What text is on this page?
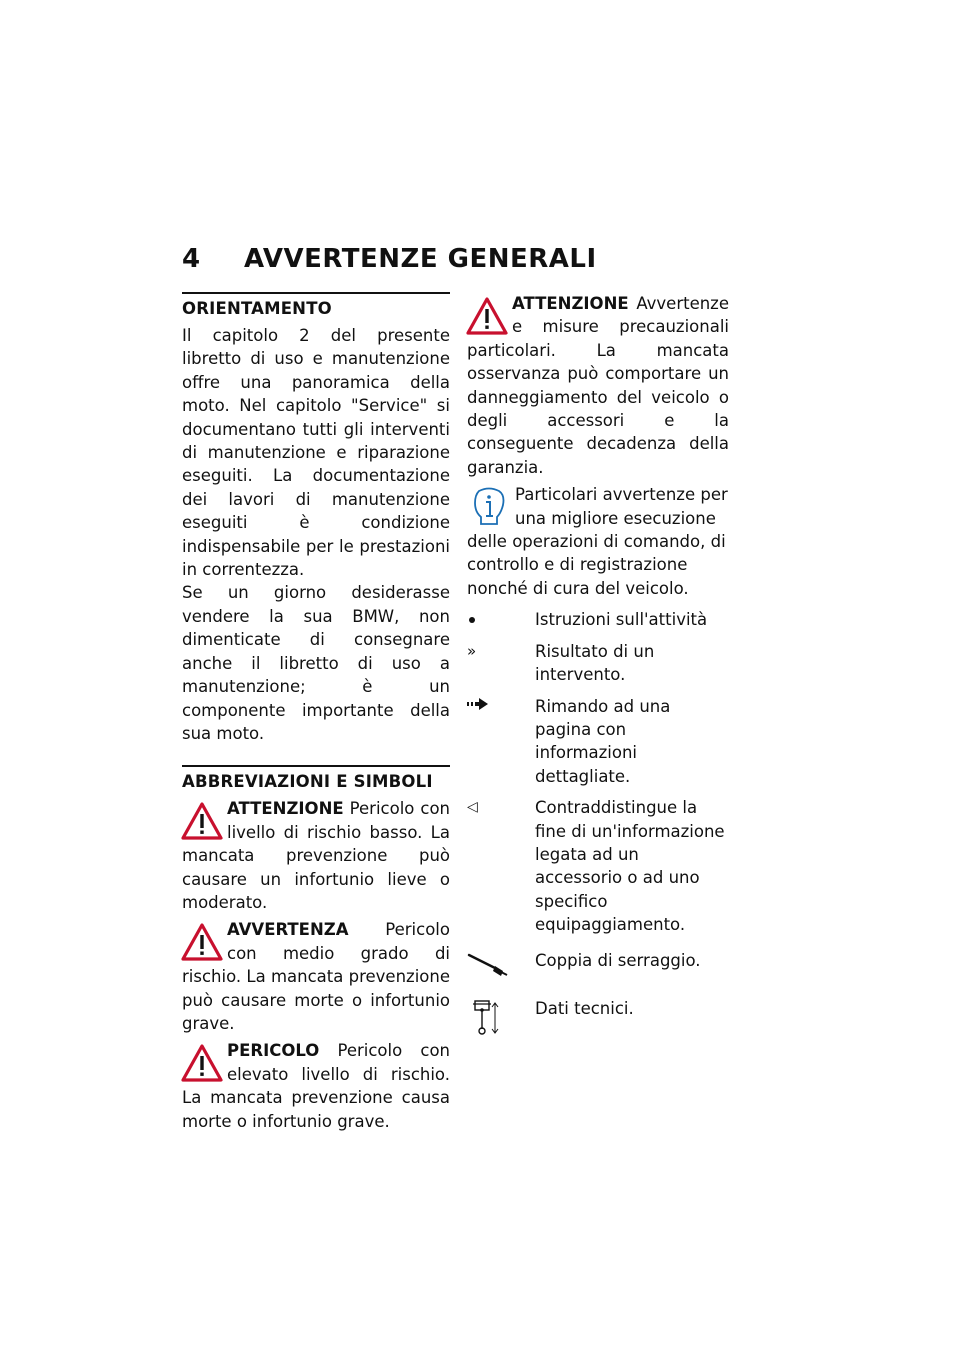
4 AVVERTENZE GENERALI
ORIENTAMENTO

Il capitolo 2 del presente libretto di uso e manutenzione offre una panoramica della moto. Nel capitolo "Service" si documentano tutti gli interventi di manutenzione e riparazione eseguiti. La documentazione dei lavori di manutenzione eseguiti è condizione indispensabile per le prestazioni in correntezza.

Se un giorno desiderasse vendere la sua BMW, non dimenticate di consegnare anche il libretto di uso a manutenzione; è un componente importante della sua moto.

ABBREVIAZIONI E SIMBOLI
ATTENZIONE Pericolo con livello di rischio basso. La mancata prevenzione può causare un infortunio lieve o moderato.
AVVERTENZA Pericolo con medio grado di rischio. La mancata prevenzione può causare morte o infortunio grave.
PERICOLO Pericolo con elevato livello di rischio. La mancata prevenzione causa morte o infortunio grave.
ATTENZIONE Avvertenze e misure precauzionali particolari. La mancata osservanza può comportare un danneggiamento del veicolo o degli accessori e la conseguente decadenza della garanzia.
Particolari avvertenze per una migliore esecuzione delle operazioni di comando, di controllo e di registrazione nonché di cura del veicolo.
Istruzioni sull'attività
»	Risultato di un intervento.
Rimando ad una pagina con informazioni dettagliate.
◁	Contraddistingue la fine di un'informazione legata ad un accessorio o ad uno specifico equipaggiamento.
Coppia di serraggio.
Dati tecnici.
